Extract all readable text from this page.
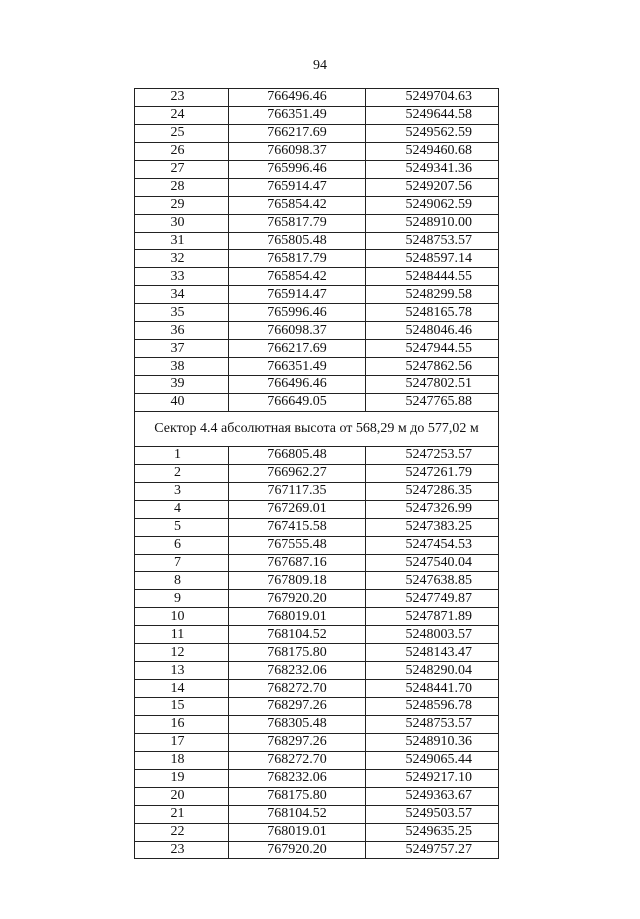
94
23	766496.46	5249704.63
24	766351.49	5249644.58
25	766217.69	5249562.59
26	766098.37	5249460.68
27	765996.46	5249341.36
28	765914.47	5249207.56
29	765854.42	5249062.59
30	765817.79	5248910.00
31	765805.48	5248753.57
32	765817.79	5248597.14
33	765854.42	5248444.55
34	765914.47	5248299.58
35	765996.46	5248165.78
36	766098.37	5248046.46
37	766217.69	5247944.55
38	766351.49	5247862.56
39	766496.46	5247802.51
40	766649.05	5247765.88
Сектор 4.4 абсолютная высота от 568,29 м до 577,02 м		
1	766805.48	5247253.57
2	766962.27	5247261.79
3	767117.35	5247286.35
4	767269.01	5247326.99
5	767415.58	5247383.25
6	767555.48	5247454.53
7	767687.16	5247540.04
8	767809.18	5247638.85
9	767920.20	5247749.87
10	768019.01	5247871.89
11	768104.52	5248003.57
12	768175.80	5248143.47
13	768232.06	5248290.04
14	768272.70	5248441.70
15	768297.26	5248596.78
16	768305.48	5248753.57
17	768297.26	5248910.36
18	768272.70	5249065.44
19	768232.06	5249217.10
20	768175.80	5249363.67
21	768104.52	5249503.57
22	768019.01	5249635.25
23	767920.20	5249757.27
